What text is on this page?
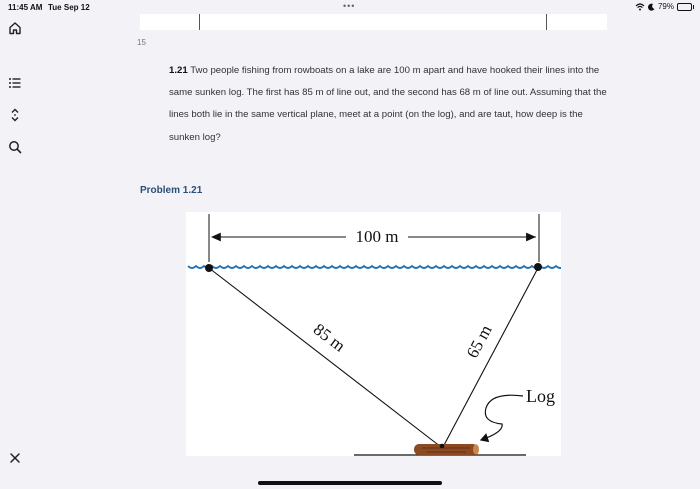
11:45 AM Tue Sep 12	•••	79%
15
1.21 Two people fishing from rowboats on a lake are 100 m apart and have hooked their lines into the same sunken log. The first has 85 m of line out, and the second has 68 m of line out. Assuming that the lines both lie in the same vertical plane, meet at a point (on the log), and are taut, how deep is the sunken log?
Problem 1.21
100 m
85 m	65 m
Log
